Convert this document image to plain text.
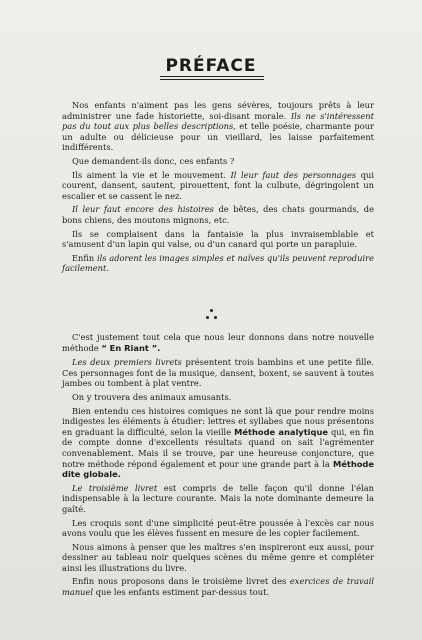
PRÉFACE

Nos enfants n'aiment pas les gens sévères, toujours prêts à leur administrer une fade historiette, soi-disant morale. Ils ne s'intéressent pas du tout aux plus belles descriptions, et telle poésie, charmante pour un adulte ou délicieuse pour un vieillard, les laisse parfaitement indifférents.

Que demandent-ils donc, ces enfants ?

Ils aiment la vie et le mouvement. Il leur faut des personnages qui courent, dansent, sautent, pirouettent, font la culbute, dégringolent un escalier et se cassent le nez.

Il leur faut encore des histoires de bêtes, des chats gourmands, de bons chiens, des moutons mignons, etc.

Ils se complaisent dans la fantaisie la plus invraisemblable et s'amusent d'un lapin qui valse, ou d'un canard qui porte un parapluie.

Enfin ils adorent les images simples et naïves qu'ils peuvent reproduire facilement.

C'est justement tout cela que nous leur donnons dans notre nouvelle méthode “ En Riant ”.

Les deux premiers livrets présentent trois bambins et une petite fille. Ces personnages font de la musique, dansent, boxent, se sauvent à toutes jambes ou tombent à plat ventre.

On y trouvera des animaux amusants.

Bien entendu ces histoires comiques ne sont là que pour rendre moins indigestes les éléments à étudier: lettres et syllabes que nous présentons en graduant la difficulté, selon la vieille Méthode analytique qui, en fin de compte donne d'excellents résultats quand on sait l'agrémenter convenablement. Mais il se trouve, par une heureuse conjoncture, que notre méthode répond également et pour une grande part à la Méthode dite globale.

Le troisième livret est compris de telle façon qu'il donne l'élan indispensable à la lecture courante. Mais la note dominante demeure la gaîté.

Les croquis sont d'une simplicité peut-être poussée à l'excès car nous avons voulu que les élèves fussent en mesure de les copier facilement.

Nous aimons à penser que les maîtres s'en inspireront eux aussi, pour dessiner au tableau noir quelques scènes du même genre et compléter ainsi les illustrations du livre.

Enfin nous proposons dans le troisième livret des exercices de travail manuel que les enfants estiment par-dessus tout.
